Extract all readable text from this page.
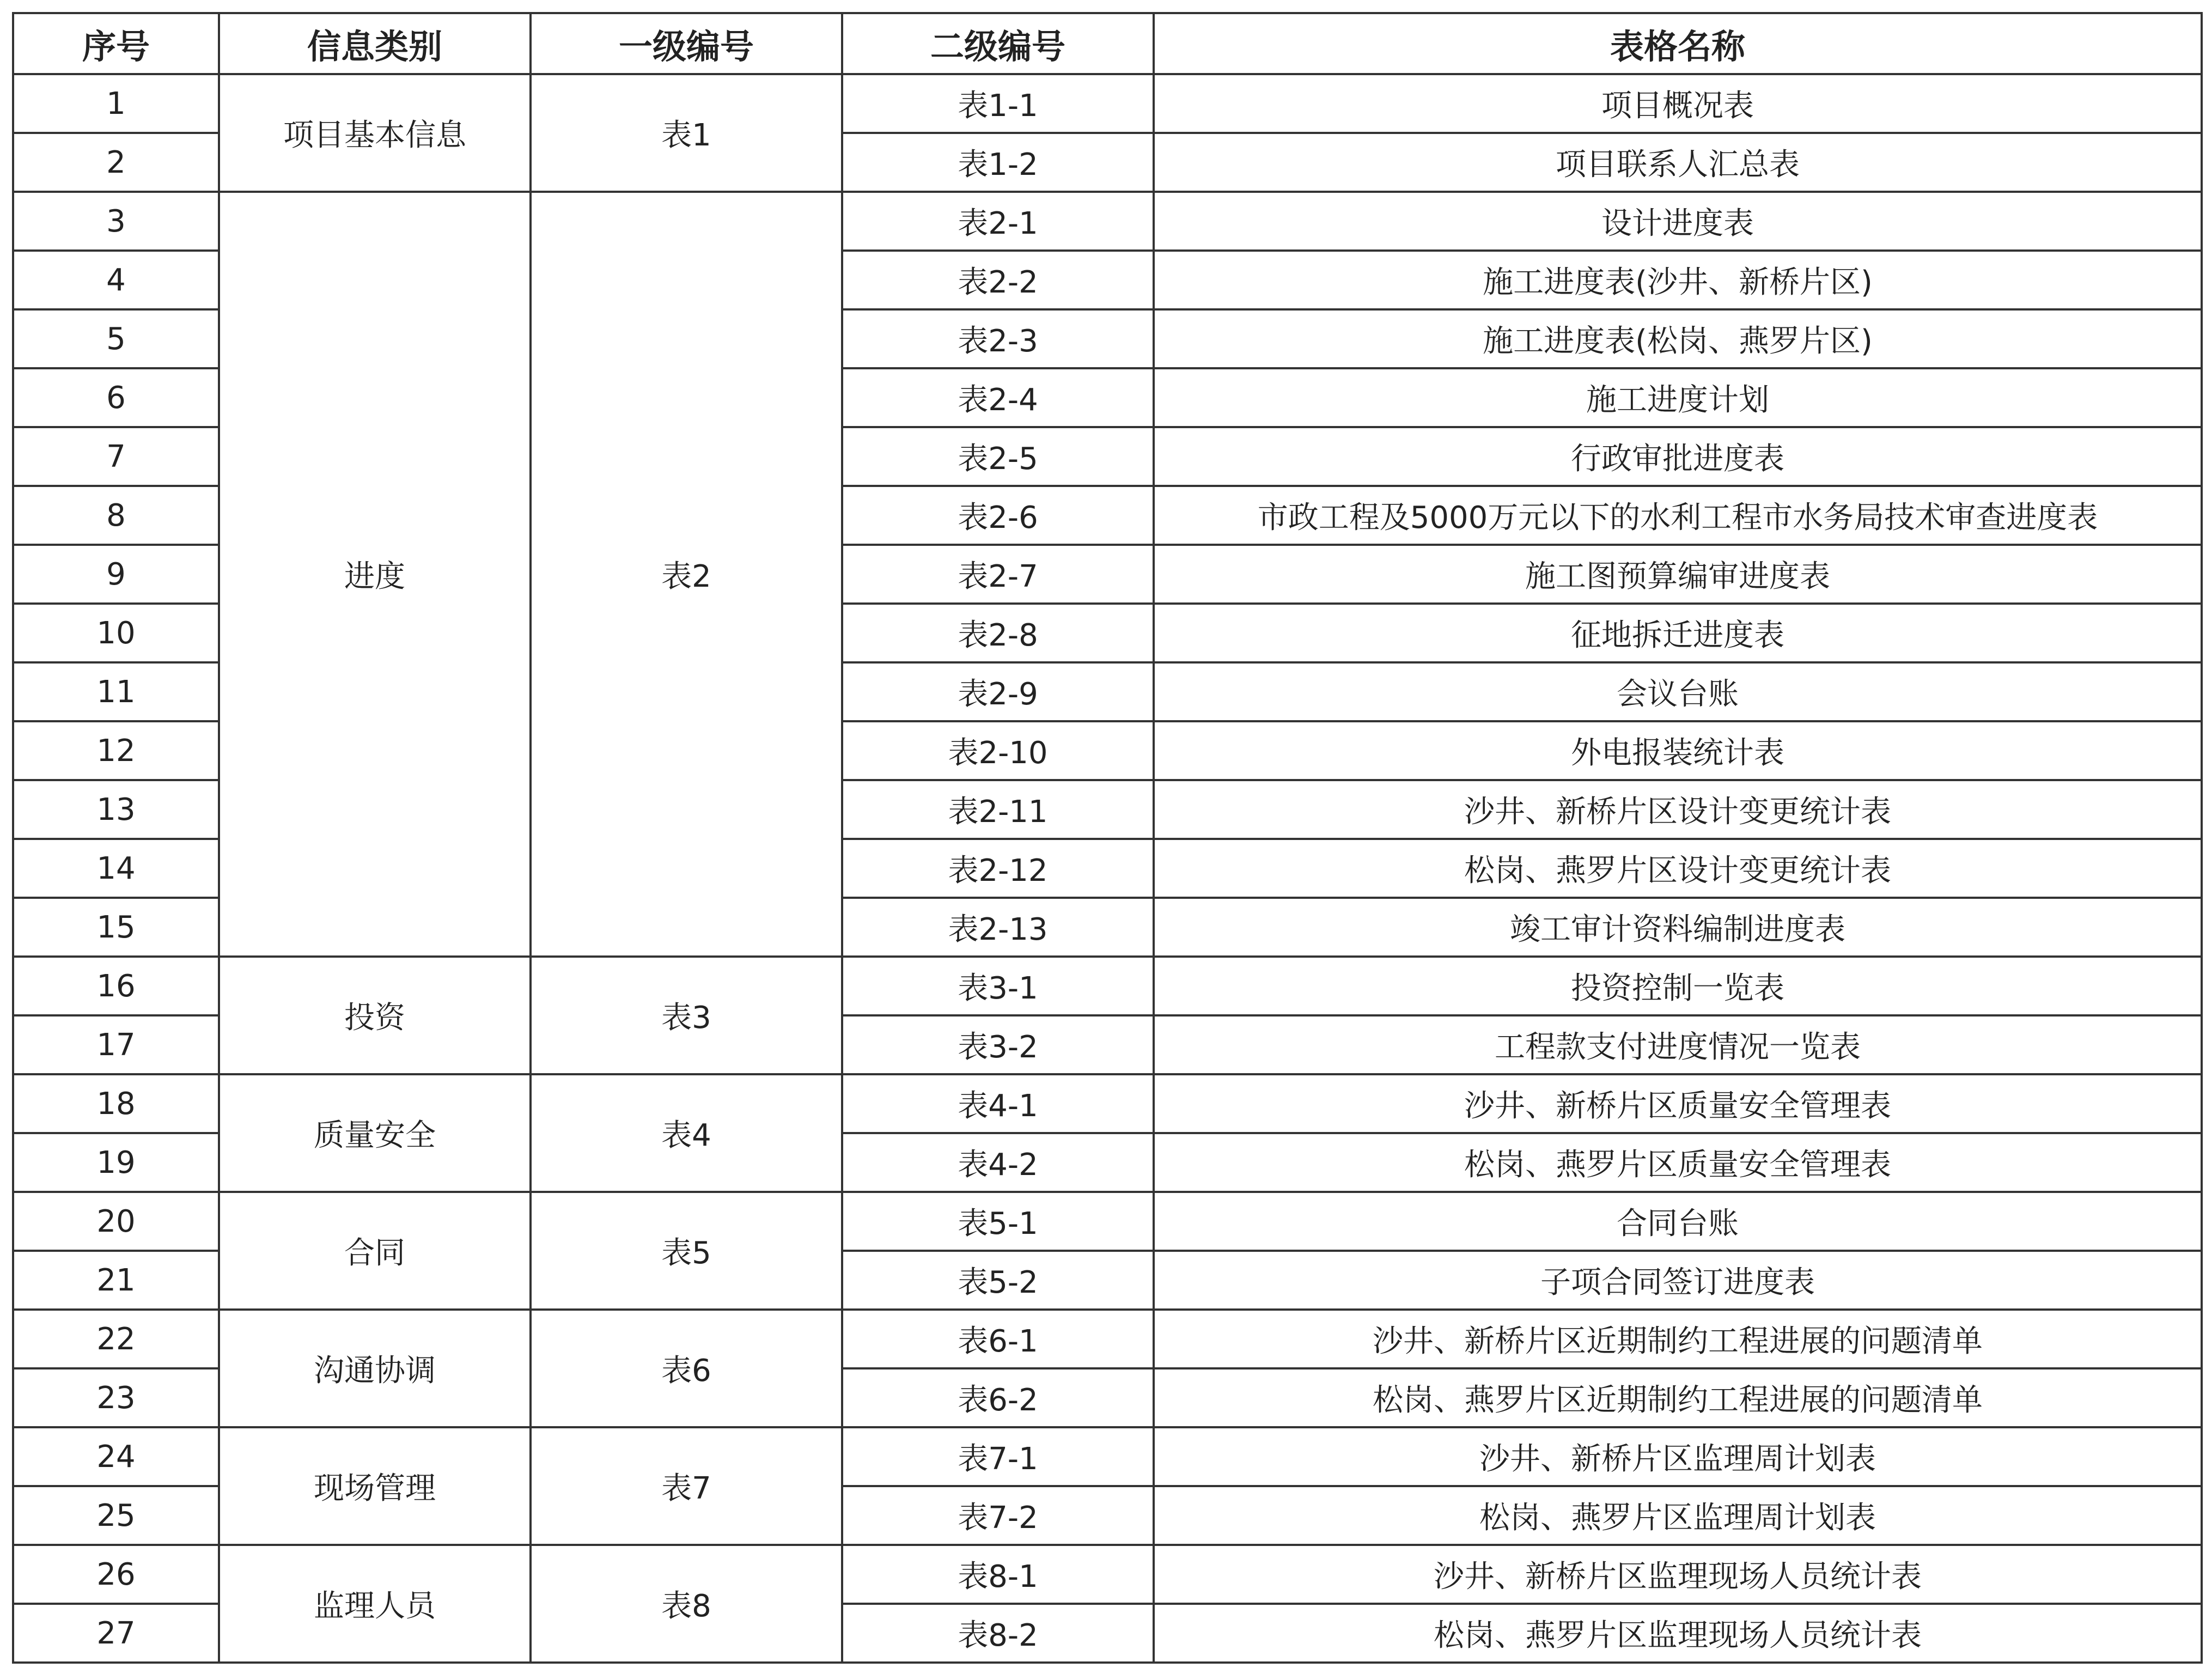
序号	信息类别	一级编号	二级编号	表格名称
1	项目基本信息	表1	表1-1	项目概况表
2			表1-2	项目联系人汇总表
3	进度	表2	表2-1	设计进度表
4			表2-2	施工进度表(沙井、新桥片区)
5			表2-3	施工进度表(松岗、燕罗片区)
6			表2-4	施工进度计划
7			表2-5	行政审批进度表
8			表2-6	市政工程及5000万元以下的水利工程市水务局技术审查进度表
9			表2-7	施工图预算编审进度表
10			表2-8	征地拆迁进度表
11			表2-9	会议台账
12			表2-10	外电报装统计表
13			表2-11	沙井、新桥片区设计变更统计表
14			表2-12	松岗、燕罗片区设计变更统计表
15			表2-13	竣工审计资料编制进度表
16	投资	表3	表3-1	投资控制一览表
17			表3-2	工程款支付进度情况一览表
18	质量安全	表4	表4-1	沙井、新桥片区质量安全管理表
19			表4-2	松岗、燕罗片区质量安全管理表
20	合同	表5	表5-1	合同台账
21			表5-2	子项合同签订进度表
22	沟通协调	表6	表6-1	沙井、新桥片区近期制约工程进展的问题清单
23			表6-2	松岗、燕罗片区近期制约工程进展的问题清单
24	现场管理	表7	表7-1	沙井、新桥片区监理周计划表
25			表7-2	松岗、燕罗片区监理周计划表
26	监理人员	表8	表8-1	沙井、新桥片区监理现场人员统计表
27			表8-2	松岗、燕罗片区监理现场人员统计表
